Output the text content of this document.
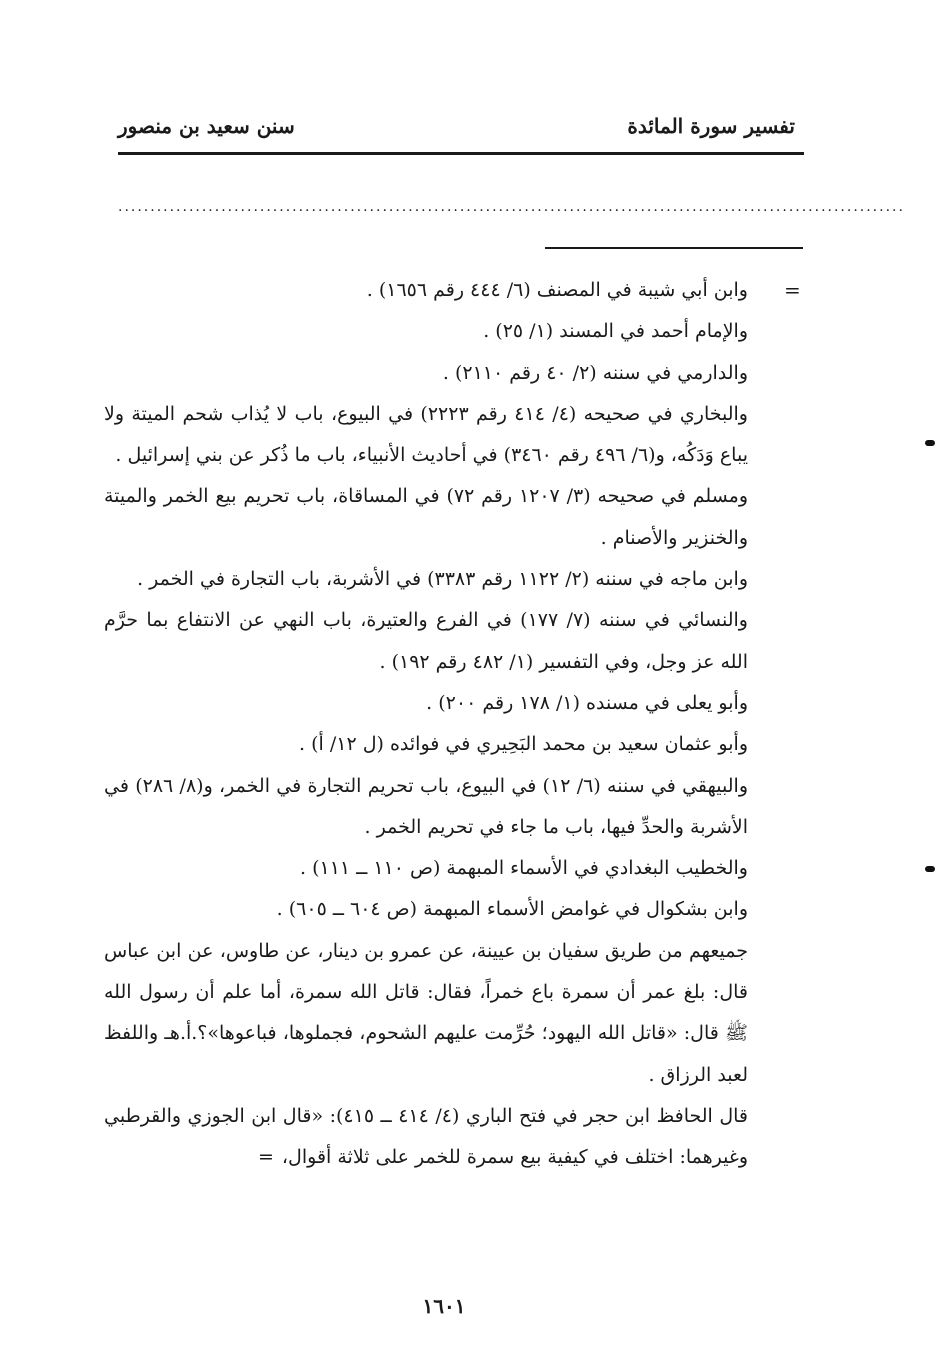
تفسير سورة المائدة
سنن سعيد بن منصور
..........................................................................................................................
=

وابن أبي شيبة في المصنف (٦/ ٤٤٤ رقم ١٦٥٦) .

والإمام أحمد في المسند (١/ ٢٥) .

والدارمي في سننه (٢/ ٤٠ رقم ٢١١٠) .

والبخاري في صحيحه (٤/ ٤١٤ رقم ٢٢٢٣) في البيوع، باب لا يُذاب شحم الميتة ولا يباع وَدَكُه، و(٦/ ٤٩٦ رقم ٣٤٦٠) في أحاديث الأنبياء، باب ما ذُكر عن بني إسرائيل .

ومسلم في صحيحه (٣/ ١٢٠٧ رقم ٧٢) في المساقاة، باب تحريم بيع الخمر والميتة والخنزير والأصنام .

وابن ماجه في سننه (٢/ ١١٢٢ رقم ٣٣٨٣) في الأشربة، باب التجارة في الخمر .

والنسائي في سننه (٧/ ١٧٧) في الفرع والعتيرة، باب النهي عن الانتفاع بما حرَّم الله عز وجل، وفي التفسير (١/ ٤٨٢ رقم ١٩٢) .

وأبو يعلى في مسنده (١/ ١٧٨ رقم ٢٠٠) .

وأبو عثمان سعيد بن محمد البَحِيري في فوائده (ل ١٢/ أ) .

والبيهقي في سننه (٦/ ١٢) في البيوع، باب تحريم التجارة في الخمر، و(٨/ ٢٨٦) في الأشربة والحدِّ فيها، باب ما جاء في تحريم الخمر .

والخطيب البغدادي في الأسماء المبهمة (ص ١١٠ ــ ١١١) .

وابن بشكوال في غوامض الأسماء المبهمة (ص ٦٠٤ ــ ٦٠٥) .

جميعهم من طريق سفيان بن عيينة، عن عمرو بن دينار، عن طاوس، عن ابن عباس قال: بلغ عمر أن سمرة باع خمراً، فقال: قاتل الله سمرة، أما علم أن رسول الله ﷺ قال: «قاتل الله اليهود؛ حُرِّمت عليهم الشحوم، فجملوها، فباعوها»؟.أ.هـ واللفظ لعبد الرزاق .

قال الحافظ ابن حجر في فتح الباري (٤/ ٤١٤ ــ ٤١٥): «قال ابن الجوزي والقرطبي وغيرهما: اختلف في كيفية بيع سمرة للخمر على ثلاثة أقوال،=

١٦٠١
